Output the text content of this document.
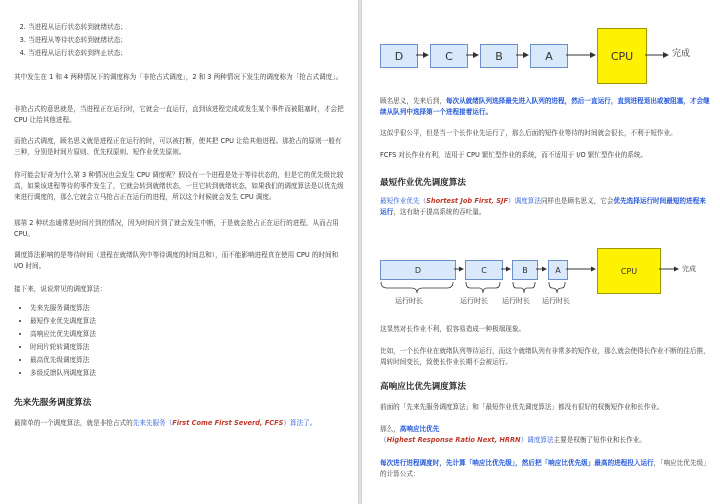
2. 当进程从运行状态转到就绪状态；
3. 当进程从等待状态转到就绪状态；
4. 当进程从运行状态转到终止状态；
其中发生在 1 和 4 两种情况下的调度称为「非抢占式调度」，2 和 3 两种情况下发生的调度称为「抢占式调度」。
非抢占式的意思就是，当进程正在运行时，它就会一直运行，直到该进程完成或发生某个事件而被阻塞时，才会把 CPU 让给其他进程。
而抢占式调度，顾名思义就是进程正在运行的时，可以被打断，使其把 CPU 让给其他进程。那抢占的原则一般有三种，分别是时间片原则、优先权原则、短作业优先原则。
你可能会好奇为什么第 3 种情况也会发生 CPU 调度呢？假设有一个进程是处于等待状态的，但是它的优先级比较高，如果该进程等待的事件发生了，它就会转到就绪状态，一旦它转到就绪状态，如果我们的调度算法是以优先级来进行调度的，那么它就会立马抢占正在运行的进程，所以这个时候就会发生 CPU 调度。
那第 2 种状态通常是时间片到的情况，因为时间片到了就会发生中断，于是就会抢占正在运行的进程，从而占用 CPU。
调度算法影响的是等待时间（进程在就绪队列中等待调度的时间总和），而不能影响进程真在使用 CPU 的时间和 I/O 时间。
接下来，说说常见的调度算法：
• 先来先服务调度算法
• 最短作业优先调度算法
• 高响应比优先调度算法
• 时间片轮转调度算法
• 最高优先级调度算法
• 多级反馈队列调度算法
先来先服务调度算法
最简单的一个调度算法，就是非抢占式的先来先服务（First Come First Severd, FCFS）算法了。
D	C	B	A	CPU	完成
顾名思义，先来后到，每次从就绪队列选择最先进入队列的进程，然后一直运行，直到进程退出或被阻塞，才会继续从队列中选择第一个进程接着运行。
这似乎很公平，但是当一个长作业先运行了，那么后面的短作业等待的时间就会很长，不利于短作业。
FCFS 对长作业有利，适用于 CPU 繁忙型作业的系统，而不适用于 I/O 繁忙型作业的系统。
最短作业优先调度算法
最短作业优先（Shortest Job First, SJF）调度算法同样也是顾名思义，它会优先选择运行时间最短的进程来运行，这有助于提高系统的吞吐量。
D	C	B	A	CPU	完成
运行时长	运行时长 运行时长 运行时长
这显然对长作业不利，很容易造成一种极端现象。
比如，一个长作业在就绪队列等待运行，而这个就绪队列有非常多的短作业，那么就会使得长作业不断的往后推，周转时间变长，致使长作业长期不会被运行。
高响应比优先调度算法
前面的「先来先服务调度算法」和「最短作业优先调度算法」都没有很好的权衡短作业和长作业。
那么，高响应比优先
（Highest Response Ratio Next, HRRN）调度算法主要是权衡了短作业和长作业。
每次进行进程调度时，先计算「响应比优先级」，然后把「响应比优先级」最高的进程投入运行，「响应比优先级」的计算公式：
